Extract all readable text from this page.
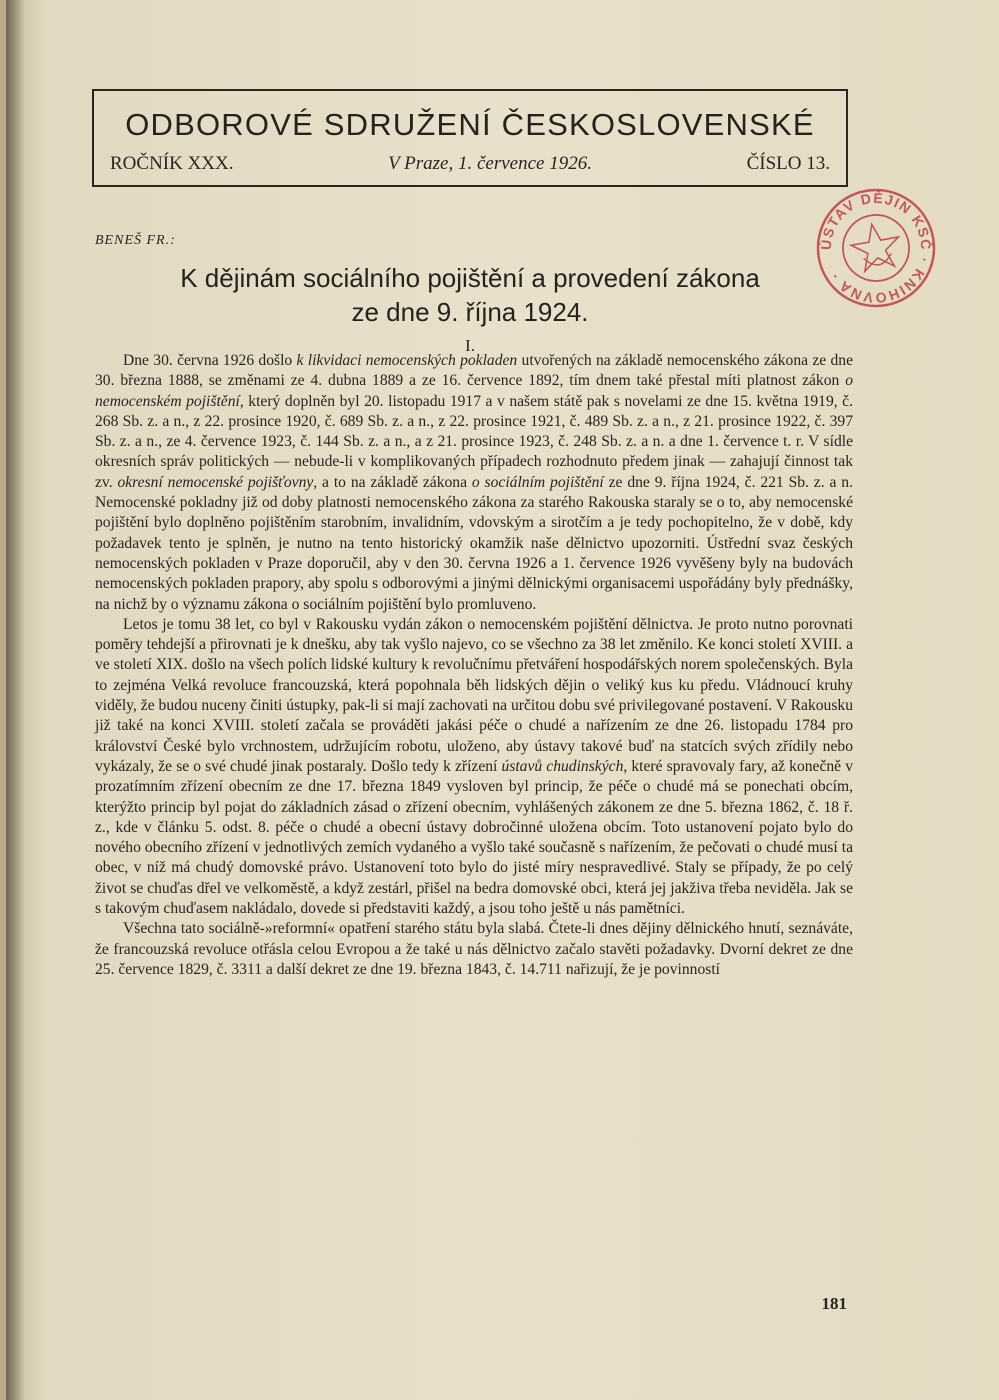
ODBOROVÉ SDRUŽENÍ ČESKOSLOVENSKÉ
ROČNÍK XXX.	V Praze, 1. července 1926.	ČÍSLO 13.
ÚSTAV DĚJIN KSČ · KNIHOVNA ·
BENEŠ FR.:
K dějinám sociálního pojištění a provedení zákona
ze dne 9. října 1924.
I.

Dne 30. června 1926 došlo k likvidaci nemocenských pokladen utvořených na základě nemocenského zákona ze dne 30. března 1888, se změnami ze 4. dubna 1889 a ze 16. července 1892, tím dnem také přestal míti platnost zákon o nemocenském pojištění, který doplněn byl 20. listopadu 1917 a v našem státě pak s novelami ze dne 15. května 1919, č. 268 Sb. z. a n., z 22. prosince 1920, č. 689 Sb. z. a n., z 22. prosince 1921, č. 489 Sb. z. a n., z 21. prosince 1922, č. 397 Sb. z. a n., ze 4. července 1923, č. 144 Sb. z. a n., a z 21. prosince 1923, č. 248 Sb. z. a n. a dne 1. července t. r. V sídle okresních správ politických — nebude-li v komplikovaných případech rozhodnuto předem jinak — zahajují činnost tak zv. okresní nemocenské pojišťovny, a to na základě zákona o sociálním pojištění ze dne 9. října 1924, č. 221 Sb. z. a n. Nemocenské pokladny již od doby platnosti nemocenského zákona za starého Rakouska staraly se o to, aby nemocenské pojištění bylo doplněno pojištěním starobním, invalidním, vdovským a sirotčím a je tedy pochopitelno, že v době, kdy požadavek tento je splněn, je nutno na tento historický okamžik naše dělnictvo upozorniti. Ústřední svaz českých nemocenských pokladen v Praze doporučil, aby v den 30. června 1926 a 1. července 1926 vyvěšeny byly na budovách nemocenských pokladen prapory, aby spolu s odborovými a jinými dělnickými organisacemi uspořádány byly přednášky, na nichž by o významu zákona o sociálním pojištění bylo promluveno.

Letos je tomu 38 let, co byl v Rakousku vydán zákon o nemocenském pojištění dělnictva. Je proto nutno porovnati poměry tehdejší a přirovnati je k dnešku, aby tak vyšlo najevo, co se všechno za 38 let změnilo. Ke konci století XVIII. a ve století XIX. došlo na všech polích lidské kultury k revolučnímu přetváření hospodářských norem společenských. Byla to zejména Velká revoluce francouzská, která popohnala běh lidských dějin o veliký kus ku předu. Vládnoucí kruhy viděly, že budou nuceny činiti ústupky, pak-li si mají zachovati na určitou dobu své privilegované postavení. V Rakousku již také na konci XVIII. století začala se prováděti jakási péče o chudé a nařízením ze dne 26. listopadu 1784 pro království České bylo vrchnostem, udržujícím robotu, uloženo, aby ústavy takové buď na statcích svých zřídily nebo vykázaly, že se o své chudé jinak postaraly. Došlo tedy k zřízení ústavů chudinských, které spravovaly fary, až konečně v prozatímním zřízení obecním ze dne 17. března 1849 vysloven byl princip, že péče o chudé má se ponechati obcím, kterýžto princip byl pojat do základních zásad o zřízení obecním, vyhlášených zákonem ze dne 5. března 1862, č. 18 ř. z., kde v článku 5. odst. 8. péče o chudé a obecní ústavy dobročinné uložena obcím. Toto ustanovení pojato bylo do nového obecního zřízení v jednotlivých zemích vydaného a vyšlo také současně s nařízením, že pečovati o chudé musí ta obec, v níž má chudý domovské právo. Ustanovení toto bylo do jisté míry nespravedlivé. Staly se případy, že po celý život se chuďas dřel ve velkoměstě, a když zestárl, přišel na bedra domovské obci, která jej jakživa třeba neviděla. Jak se s takovým chuďasem nakládalo, dovede si představiti každý, a jsou toho ještě u nás pamětníci.

Všechna tato sociálně-»reformní« opatření starého státu byla slabá. Čtete-li dnes dějiny dělnického hnutí, seznáváte, že francouzská revoluce otřásla celou Evropou a že také u nás dělnictvo začalo stavěti požadavky. Dvorní dekret ze dne 25. července 1829, č. 3311 a další dekret ze dne 19. března 1843, č. 14.711 nařizují, že je povinností

181
